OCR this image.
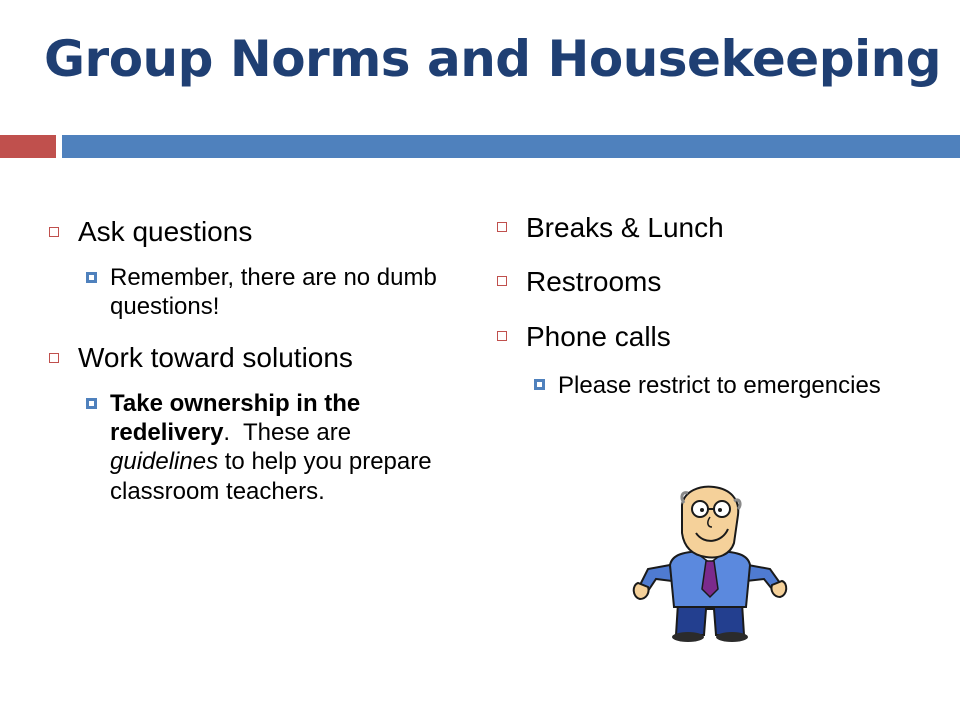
Group Norms and Housekeeping
Ask questions
Remember, there are no dumb questions!
Work toward solutions
Take ownership in the redelivery.  These are guidelines to help you prepare classroom teachers.
Breaks & Lunch
Restrooms
Phone calls
Please restrict to emergencies
